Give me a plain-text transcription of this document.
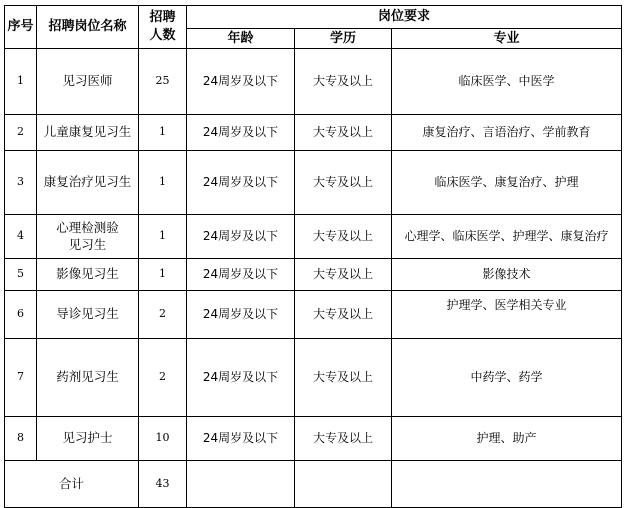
序号	招聘岗位名称	招聘人数	岗位要求		
			年龄	学历	专业
1	见习医师	25	24周岁及以下	大专及以上	临床医学、中医学
2	儿童康复见习生	1	24周岁及以下	大专及以上	康复治疗、言语治疗、学前教育
3	康复治疗见习生	1	24周岁及以下	大专及以上	临床医学、康复治疗、护理
4	心理检测验见习生	1	24周岁及以下	大专及以上	心理学、临床医学、护理学、康复治疗
5	影像见习生	1	24周岁及以下	大专及以上	影像技术
6	导诊见习生	2	24周岁及以下	大专及以上	护理学、医学相关专业
7	药剂见习生	2	24周岁及以下	大专及以上	中药学、药学
8	见习护士	10	24周岁及以下	大专及以上	护理、助产
合计		43			
